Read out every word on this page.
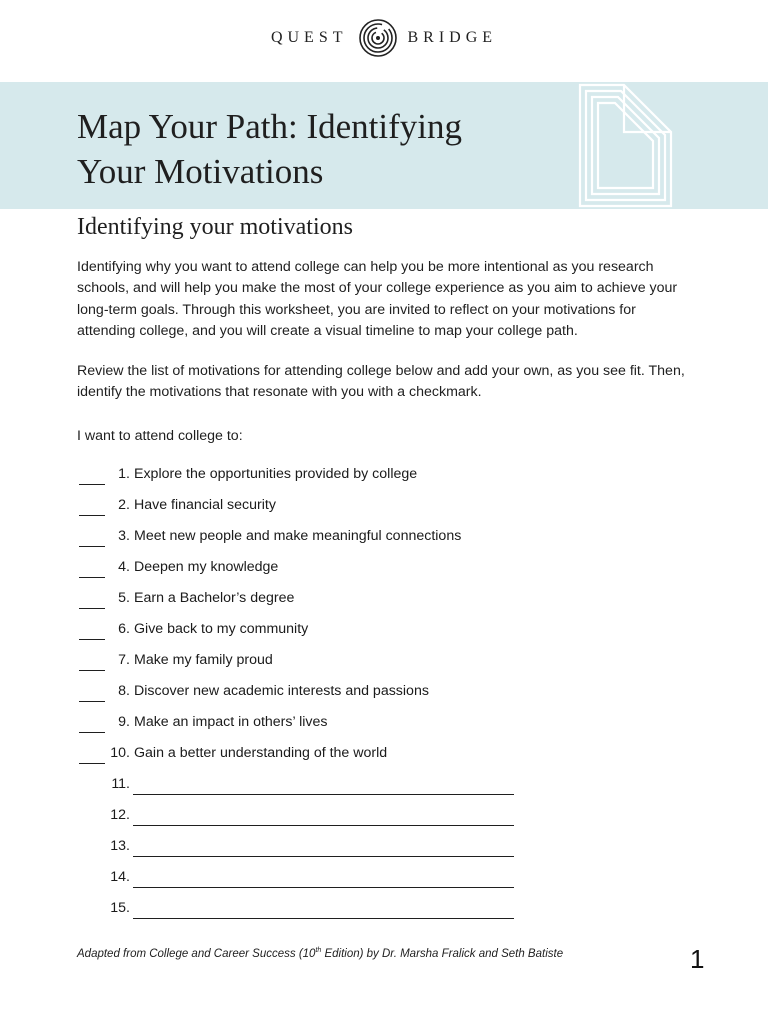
QUEST	BRIDGE
Map Your Path: Identifying
Your Motivations
Identifying your motivations

Identifying why you want to attend college can help you be more intentional as you research schools, and will help you make the most of your college experience as you aim to achieve your long-term goals. Through this worksheet, you are invited to reflect on your motivations for attending college, and you will create a visual timeline to map your college path.

Review the list of motivations for attending college below and add your own, as you see fit. Then, identify the motivations that resonate with you with a checkmark.

I want to attend college to:

1. Explore the opportunities provided by college
2. Have financial security
3. Meet new people and make meaningful connections
4. Deepen my knowledge
5. Earn a Bachelor’s degree
6. Give back to my community
7. Make my family proud
8. Discover new academic interests and passions
9. Make an impact in others’ lives
10. Gain a better understanding of the world
11.
12.
13.
14.
15.

Adapted from College and Career Success (10th Edition) by Dr. Marsha Fralick and Seth Batiste	1
